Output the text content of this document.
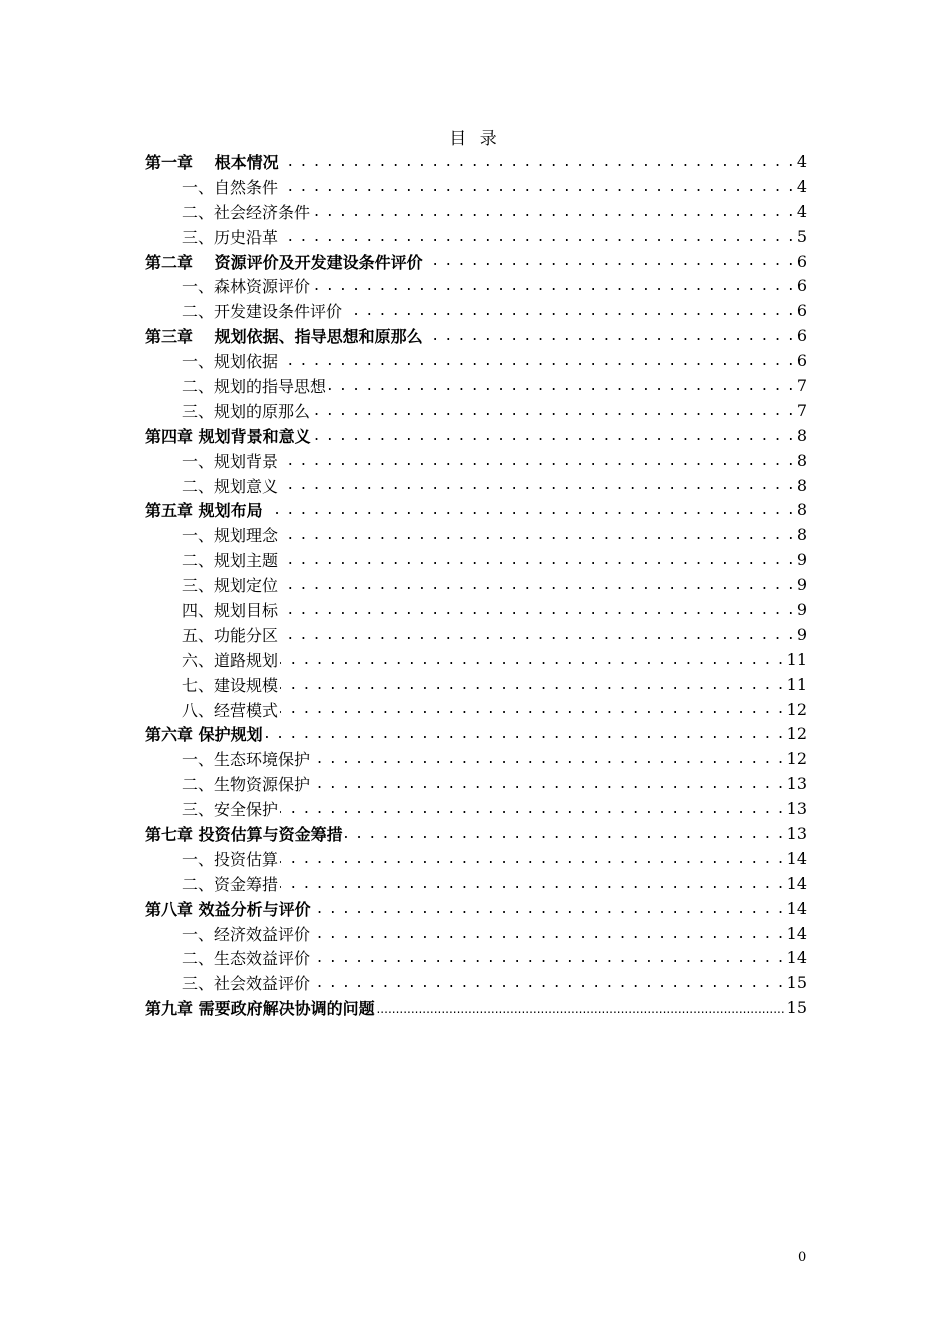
目 录
第一章　 根本情况 . . .	4
一、自然条件 . . .	4
二、社会经济条件 . . .	4
三、历史沿革 . . .	5
第二章　 资源评价及开发建设条件评价 . . .	6
一、森林资源评价 . . .	6
二、开发建设条件评价 . . .	6
第三章　 规划依据、指导思想和原那么 . . .	6
一、规划依据 . . .	6
二、规划的指导思想 . . .	7
三、规划的原那么 . . .	7
第四章 规划背景和意义 . . .	8
一、规划背景 . . .	8
二、规划意义 . . .	8
第五章 规划布局 . . .	8
一、规划理念 . . .	8
二、规划主题 . . .	9
三、规划定位 . . .	9
四、规划目标 . . .	9
五、功能分区 . . .	9
六、道路规划 . . .	11
七、建设规模 . . .	11
八、经营模式 . . .	12
第六章 保护规划 . . .	12
一、生态环境保护 . . .	12
二、生物资源保护 . . .	13
三、安全保护 . . .	13
第七章 投资估算与资金筹措 . . .	13
一、投资估算 . . .	14
二、资金筹措 . . .	14
第八章 效益分析与评价 . . .	14
一、经济效益评价 . . .	14
二、生态效益评价 . . .	14
三、社会效益评价 . . .	15
第九章 需要政府解决协调的问题 .....	15
0
